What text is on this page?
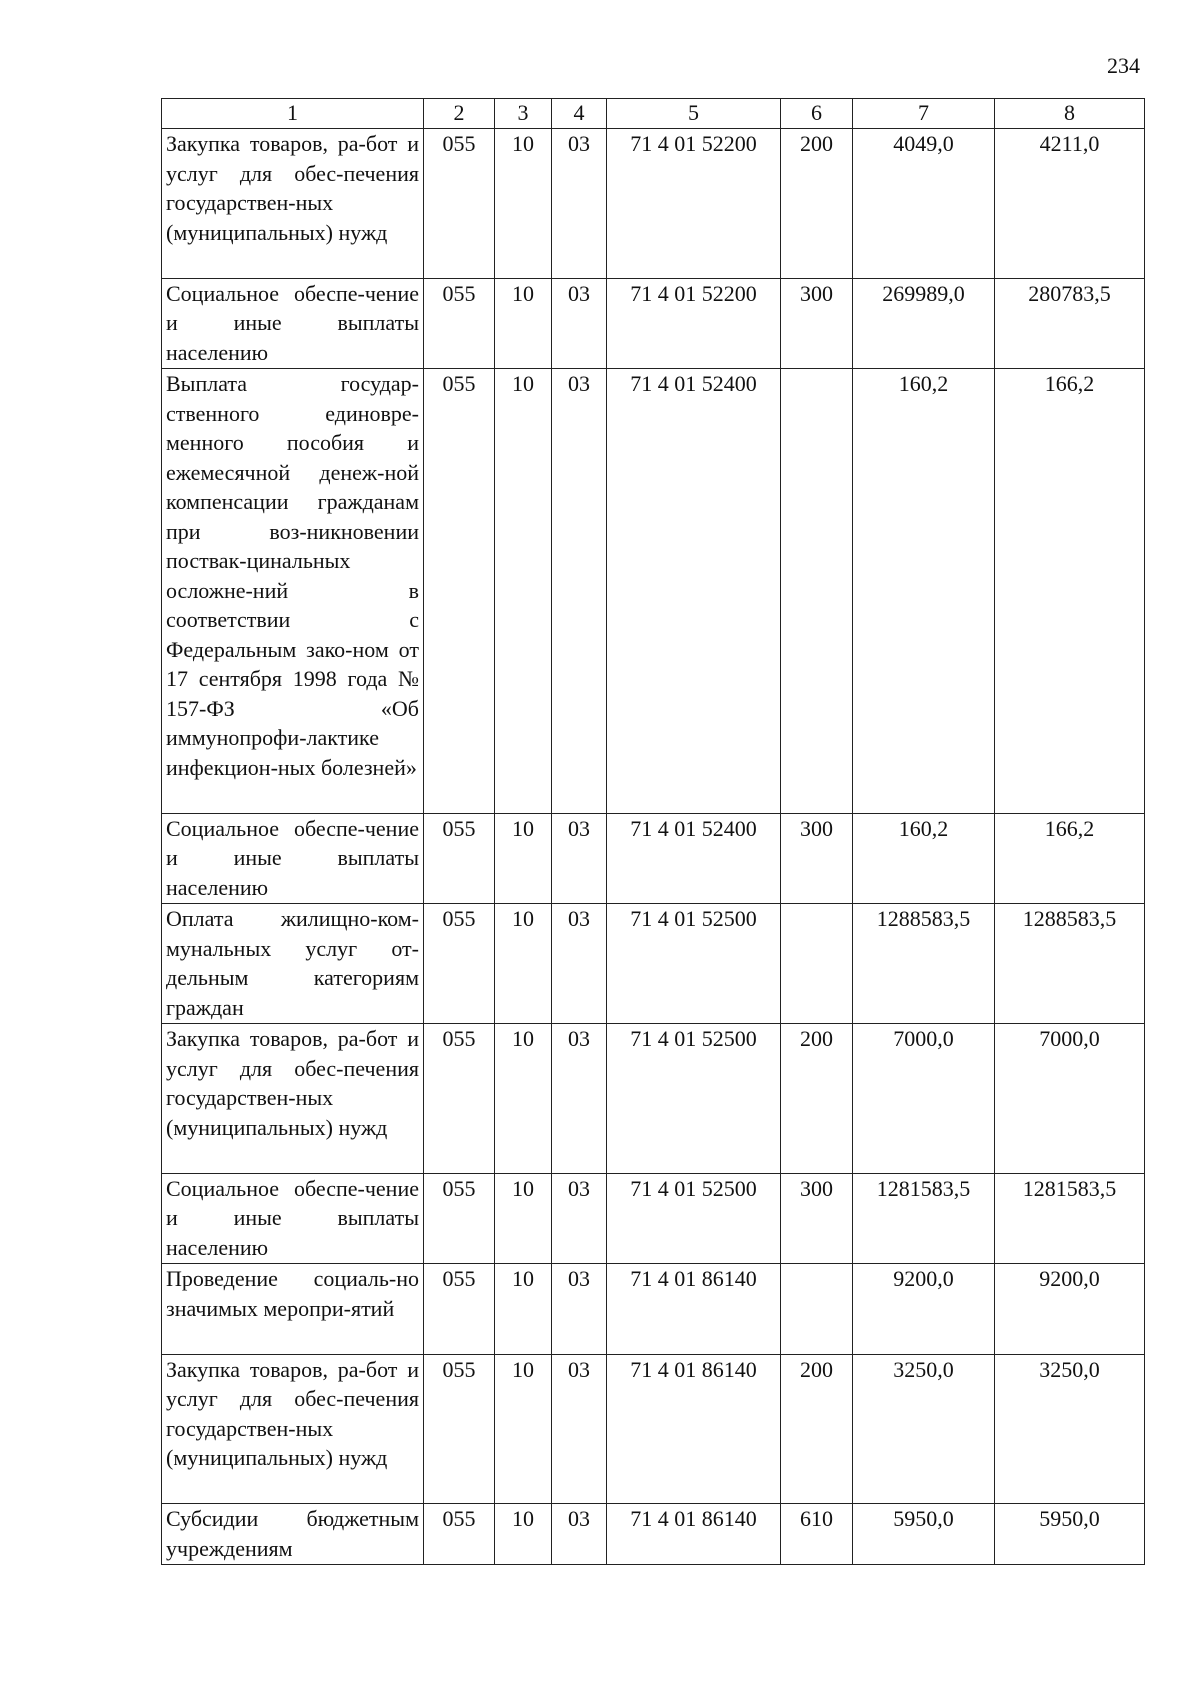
234
1	2	3	4	5	6	7	8
Закупка товаров, ра-бот и услуг для обес-печения государствен-ных (муниципальных) нужд	055	10	03	71 4 01 52200	200	4049,0	4211,0
Социальное обеспе-чение и иные выплаты населению	055	10	03	71 4 01 52200	300	269989,0	280783,5
Выплата государ-ственного единовре-менного пособия и ежемесячной денеж-ной компенсации гражданам при воз-никновении поствак-цинальных осложне-ний в соответствии с Федеральным зако-ном от 17 сентября 1998 года № 157-ФЗ «Об иммунопрофи-лактике инфекцион-ных болезней»	055	10	03	71 4 01 52400		160,2	166,2
Социальное обеспе-чение и иные выплаты населению	055	10	03	71 4 01 52400	300	160,2	166,2
Оплата жилищно-ком-мунальных услуг от-дельным категориям граждан	055	10	03	71 4 01 52500		1288583,5	1288583,5
Закупка товаров, ра-бот и услуг для обес-печения государствен-ных (муниципальных) нужд	055	10	03	71 4 01 52500	200	7000,0	7000,0
Социальное обеспе-чение и иные выплаты населению	055	10	03	71 4 01 52500	300	1281583,5	1281583,5
Проведение социаль-но значимых меропри-ятий	055	10	03	71 4 01 86140		9200,0	9200,0
Закупка товаров, ра-бот и услуг для обес-печения государствен-ных (муниципальных) нужд	055	10	03	71 4 01 86140	200	3250,0	3250,0
Субсидии бюджетным учреждениям	055	10	03	71 4 01 86140	610	5950,0	5950,0
